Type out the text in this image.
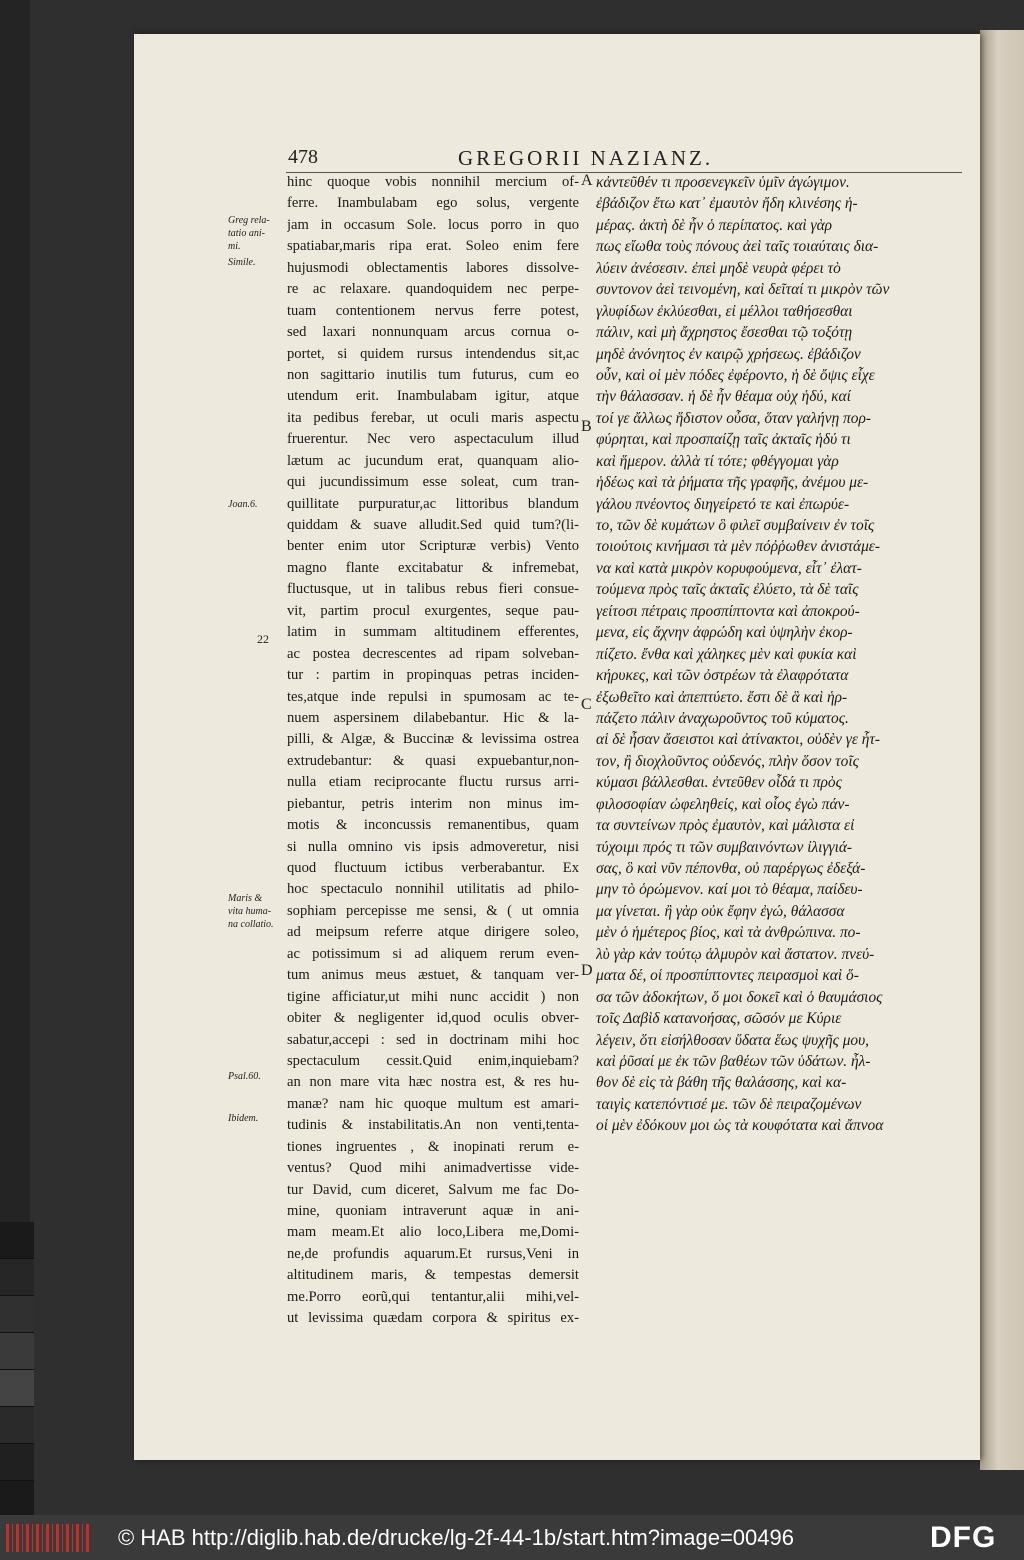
478	GREGORII NAZIANZ.
hinc quoque vobis nonnihil mercium of-
ferre. Inambulabam ego solus, vergente
jam in occasum Sole. locus porro in quo
spatiabar,maris ripa erat. Soleo enim fere
hujusmodi oblectamentis labores dissolve-
re ac relaxare. quandoquidem nec perpe-
tuam contentionem nervus ferre potest,
sed laxari nonnunquam arcus cornua o-
portet, si quidem rursus intendendus sit,ac
non sagittario inutilis tum futurus, cum eo
utendum erit. Inambulabam igitur, atque
ita pedibus ferebar, ut oculi maris aspectu
fruerentur. Nec vero aspectaculum illud
lætum ac jucundum erat, quanquam alio-
qui jucundissimum esse soleat, cum tran-
quillitate purpuratur,ac littoribus blandum
quiddam & suave alludit.Sed quid tum?(li-
benter enim utor Scripturæ verbis) Vento
magno flante excitabatur & infremebat,
fluctusque, ut in talibus rebus fieri consue-
vit, partim procul exurgentes, seque pau-
latim in summam altitudinem efferentes,
ac postea decrescentes ad ripam solveban-
tur : partim in propinquas petras inciden-
tes,atque inde repulsi in spumosam ac te-
nuem aspersinem dilabebantur. Hic & la-
pilli, & Algæ, & Buccinæ & levissima ostrea
extrudebantur: & quasi expuebantur,non-
nulla etiam reciprocante fluctu rursus arri-
piebantur, petris interim non minus im-
motis & inconcussis remanentibus, quam
si nulla omnino vis ipsis admoveretur, nisi
quod fluctuum ictibus verberabantur. Ex
hoc spectaculo nonnihil utilitatis ad philo-
sophiam percepisse me sensi, & ( ut omnia
ad meipsum referre atque dirigere soleo,
ac potissimum si ad aliquem rerum even-
tum animus meus æstuet, & tanquam ver-
tigine afficiatur,ut mihi nunc accidit ) non
obiter & negligenter id,quod oculis obver-
sabatur,accepi : sed in doctrinam mihi hoc
spectaculum cessit.Quid enim,inquiebam?
an non mare vita hæc nostra est, & res hu-
manæ? nam hic quoque multum est amari-
tudinis & instabilitatis.An non venti,tenta-
tiones ingruentes , & inopinati rerum e-
ventus? Quod mihi animadvertisse vide-
tur David, cum diceret, Salvum me fac Do-
mine, quoniam intraverunt aquæ in ani-
mam meam.Et alio loco,Libera me,Domi-
ne,de profundis aquarum.Et rursus,Veni in
altitudinem maris, & tempestas demersit
me.Porro eorũ,qui tentantur,alii mihi,vel-
ut levissima quædam corpora & spiritus ex-
κἀντεῦθέν τι προσενεγκεῖν ὑμῖν ἀγώγιμον.
ἐβάδιζον ἔτω κατ᾽ ἐμαυτὸν ἤδη κλινέσης ἡ-
μέρας. ἀκτὴ δὲ ἦν ὁ περίπατος. καὶ γὰρ
πως εἴωθα τοὺς πόνους ἀεὶ ταῖς τοιαύταις δια-
λύειν ἀνέσεσιν. ἐπεὶ μηδὲ νευρὰ φέρει τὸ
συντονον ἀεὶ τεινομένη, καὶ δεῖταί τι μικρὸν τῶν
γλυφίδων ἐκλύεσθαι, εἰ μέλλοι ταθήσεσθαι
πάλιν, καὶ μὴ ἄχρηστος ἔσεσθαι τῷ τοξότῃ
μηδὲ ἀνόνητος ἐν καιρῷ χρήσεως. ἐβάδιζον
οὖν, καὶ οἱ μὲν πόδες ἐφέροντο, ἡ δὲ ὄψις εἶχε
τὴν θάλασσαν. ἡ δὲ ἦν θέαμα οὐχ ἡδύ, καί
τοί γε ἄλλως ἥδιστον οὖσα, ὅταν γαλήνῃ πορ-
φύρηται, καὶ προσπαίζῃ ταῖς ἀκταῖς ἡδύ τι
καὶ ἥμερον. ἀλλὰ τί τότε; φθέγγομαι γὰρ
ἡδέως καὶ τὰ ῥήματα τῆς γραφῆς, ἀνέμου με-
γάλου πνέοντος διηγείρετό τε καὶ ἐπωρύε-
το, τῶν δὲ κυμάτων ὃ φιλεῖ συμβαίνειν ἐν τοῖς
τοιούτοις κινήμασι τὰ μὲν πόῤῥωθεν ἀνιστάμε-
να καὶ κατὰ μικρὸν κορυφούμενα, εἶτ᾽ ἐλατ-
τούμενα πρὸς ταῖς ἀκταῖς ἐλύετο, τὰ δὲ ταῖς
γείτοσι πέτραις προσπίπτοντα καὶ ἀποκρού-
μενα, εἰς ἄχνην ἀφρώδη καὶ ὑψηλὴν ἐκορ-
πίζετο. ἔνθα καὶ χάληκες μὲν καὶ φυκία καὶ
κήρυκες, καὶ τῶν ὀστρέων τὰ ἐλαφρότατα
ἐξωθεῖτο καὶ ἀπεπτύετο. ἔστι δὲ ἃ καὶ ἡρ-
πάζετο πάλιν ἀναχωροῦντος τοῦ κύματος.
αἱ δὲ ἦσαν ἄσειστοι καὶ ἀτίνακτοι, οὐδὲν γε ἧτ-
τον, ἢ διοχλοῦντος οὐδενός, πλὴν ὅσον τοῖς
κύμασι βάλλεσθαι. ἐντεῦθεν οἶδά τι πρὸς
φιλοσοφίαν ὠφεληθείς, καὶ οἷος ἐγὼ πάν-
τα συντείνων πρὸς ἐμαυτὸν, καὶ μάλιστα εἰ
τύχοιμι πρός τι τῶν συμβαινόντων ἰλιγγιά-
σας, ὃ καὶ νῦν πέπονθα, οὐ παρέργως ἐδεξά-
μην τὸ ὁρώμενον. καί μοι τὸ θέαμα, παίδευ-
μα γίνεται. ἢ γὰρ οὐκ ἔφην ἐγώ, θάλασσα
μὲν ὁ ἡμέτερος βίος, καὶ τὰ ἀνθρώπινα. πο-
λὺ γὰρ κἀν τούτῳ ἁλμυρὸν καὶ ἄστατον. πνεύ-
ματα δέ, οἱ προσπίπτοντες πειρασμοὶ καὶ ὅ-
σα τῶν ἀδοκήτων, ὅ μοι δοκεῖ καὶ ὁ θαυμάσιος
τοῖς Δαβὶδ κατανοήσας, σῶσόν με Κύριε
λέγειν, ὅτι εἰσήλθοσαν ὕδατα ἕως ψυχῆς μου,
καὶ ῥῦσαί με ἐκ τῶν βαθέων τῶν ὑδάτων. ἦλ-
θον δὲ εἰς τὰ βάθη τῆς θαλάσσης, καὶ κα-
ταιγὶς κατεπόντισέ με. τῶν δὲ πειραζομένων
οἱ μὲν ἐδόκουν μοι ὡς τὰ κουφότατα καὶ ἄπνοα
Greg rela-
tatio ani-
mi.
Simile.
Joan.6.
Maris &
vita huma-
na collatio.
Psal.60.
Ibidem.
22
A
B
C
D
© HAB http://diglib.hab.de/drucke/lg-2f-44-1b/start.htm?image=00496	DFG
